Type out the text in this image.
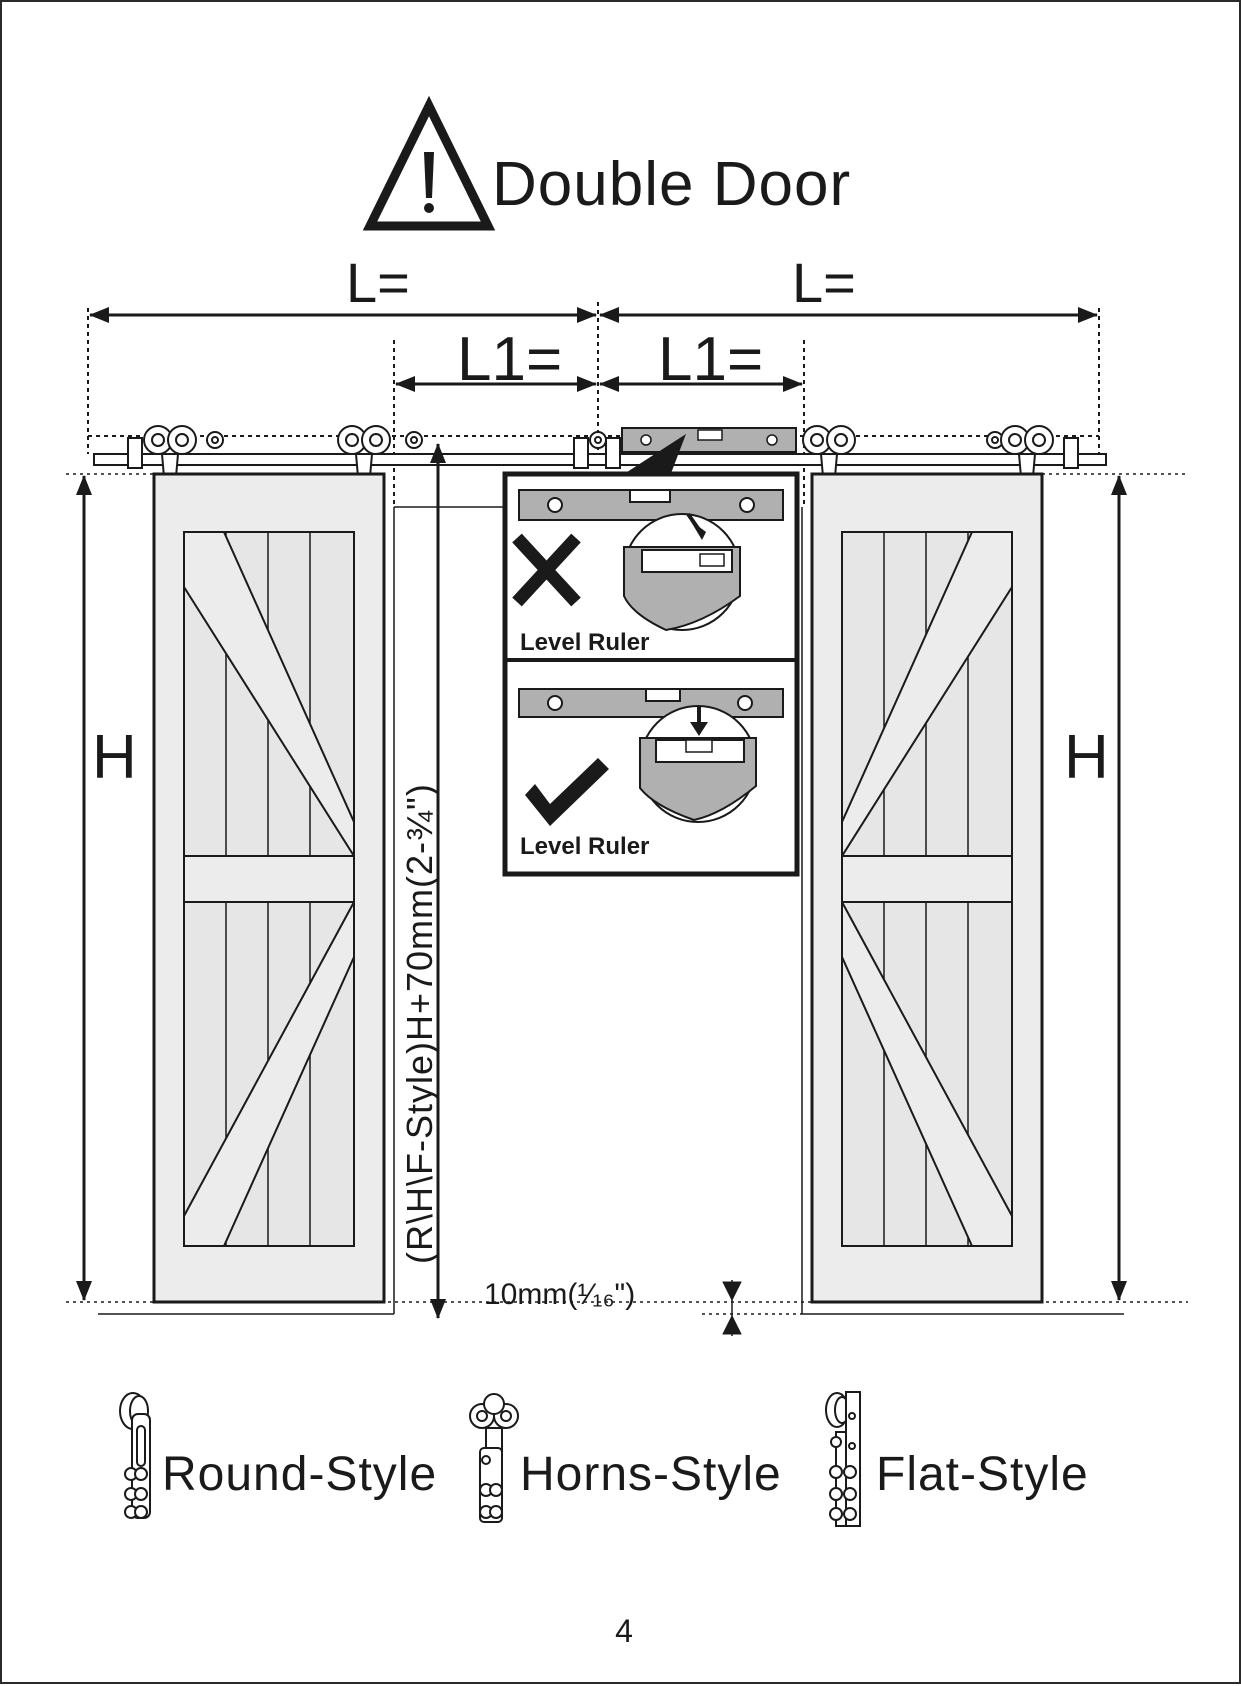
Double Door
L=	L=
L1= L1=
H	H
(R\H\F-Style)H+70mm(2-¾")
10mm(¹⁄₁₆")
Level Ruler
Level Ruler
Round-Style Horns-Style Flat-Style
4
